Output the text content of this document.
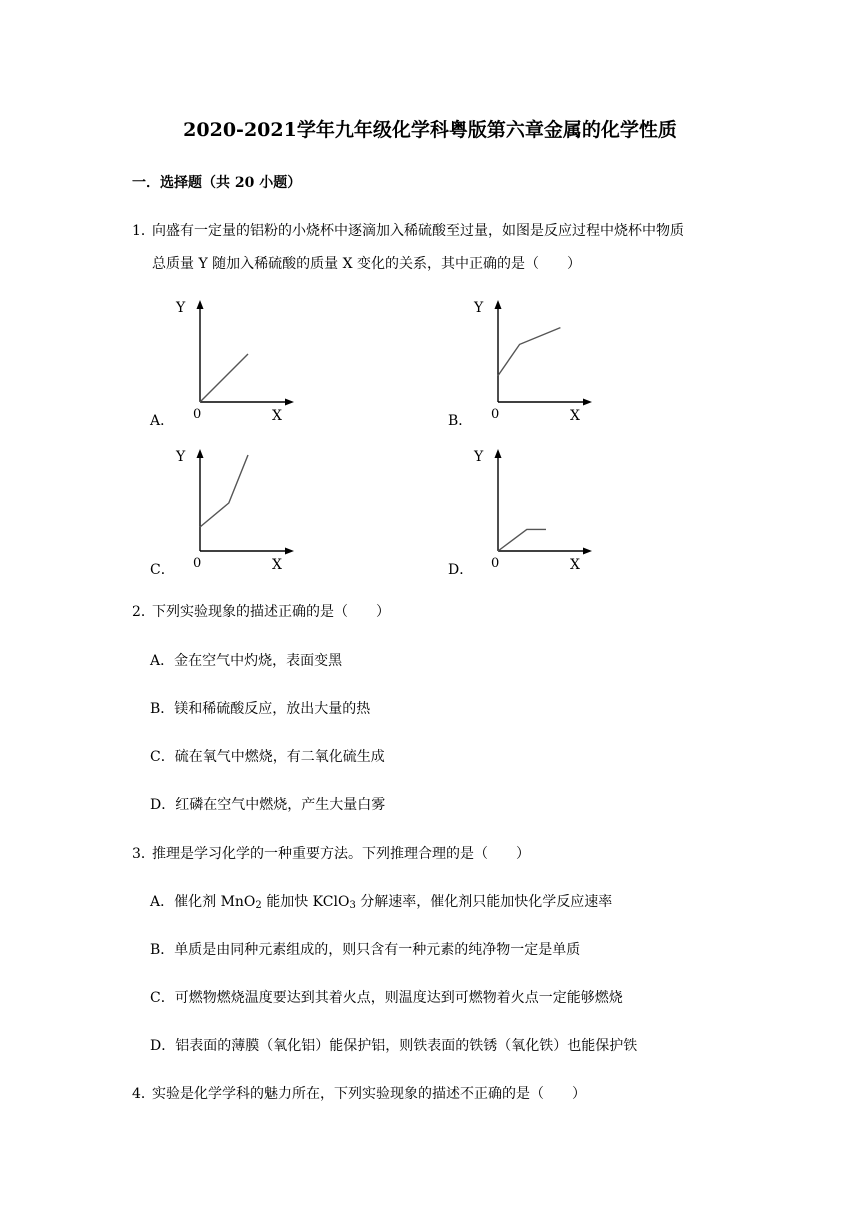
2020-2021学年九年级化学科粤版第六章金属的化学性质
一．选择题（共 20 小题）
1．
向盛有一定量的铝粉的小烧杯中逐滴加入稀硫酸至过量，如图是反应过程中烧杯中物质
总质量 Y 随加入稀硫酸的质量 X 变化的关系，其中正确的是（　　）
A．
Y
X
0	B．
Y
X
0
C．
Y
X
0	D．
Y
X
0
2．
下列实验现象的描述正确的是（　　）
A．金在空气中灼烧，表面变黑
B．镁和稀硫酸反应，放出大量的热
C．硫在氧气中燃烧，有二氧化硫生成
D．红磷在空气中燃烧，产生大量白雾
3．
推理是学习化学的一种重要方法。下列推理合理的是（　　）
A．催化剂 MnO$_2$ 能加快 KClO$_3$ 分解速率，催化剂只能加快化学反应速率
B．单质是由同种元素组成的，则只含有一种元素的纯净物一定是单质
C．可燃物燃烧温度要达到其着火点，则温度达到可燃物着火点一定能够燃烧
D．铝表面的薄膜（氧化铝）能保护铝，则铁表面的铁锈（氧化铁）也能保护铁
4．
实验是化学学科的魅力所在，下列实验现象的描述不正确的是（　　）
